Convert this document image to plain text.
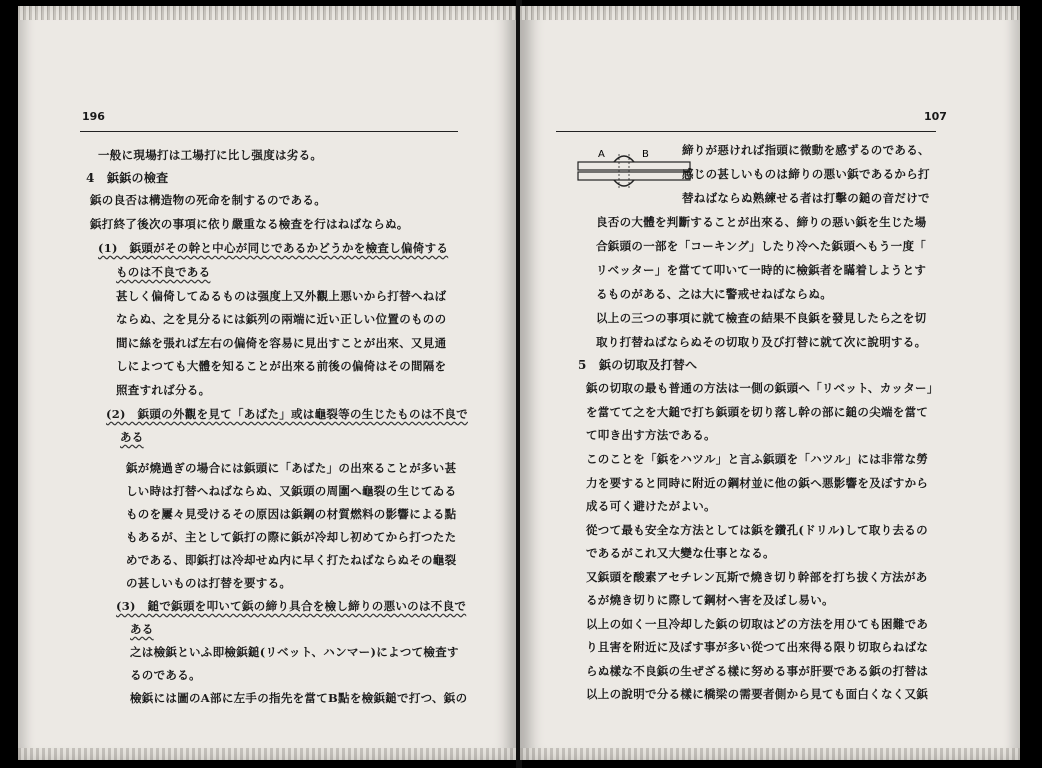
196
一般に現場打は工場打に比し强度は劣る。
4　鋲鋲の檢査
鋲の良否は構造物の死命を制するのである。
鋲打終了後次の事項に依り嚴重なる檢査を行はねばならぬ。
(1)　鋲頭がその幹と中心が同じであるかどうかを檢査し偏倚する
ものは不良である
甚しく偏倚してゐるものは强度上又外觀上悪いから打替へねば
ならぬ、之を見分るには鋲列の兩端に近い正しい位置のものの
間に絲を張れば左右の偏倚を容易に見出すことが出來、又見通
しによつても大體を知ることが出來る前後の偏倚はその間隔を
照査すれば分る。
(2)　鋲頭の外觀を見て「あばた」或は龜裂等の生じたものは不良で
ある
鋲が燒過ぎの場合には鋲頭に「あばた」の出來ることが多い甚
しい時は打替へねばならぬ、又鋲頭の周圍へ龜裂の生じてゐる
ものを屢々見受けるその原因は鋲鋼の材質燃料の影響による點
もあるが、主として鋲打の際に鋲が冷却し初めてから打つたた
めである、即鋲打は冷却せぬ内に早く打たねばならぬその龜裂
の甚しいものは打替を要する。
(3)　鎚で鋲頭を叩いて鋲の締り具合を檢し締りの悪いのは不良で
ある
之は檢鋲といふ即檢鋲鎚(リベット、ハンマー)によつて檢査す
るのである。
檢鋲には圖のA部に左手の指先を當てB點を檢鋲鎚で打つ、鋲の
107
A	B	締りが惡ければ指頭に微動を感ずるのである、
感じの甚しいものは締りの悪い鋲であるから打
替ねばならぬ熟練せる者は打擊の鎚の音だけで
良否の大體を判斷することが出來る、締りの惡い鋲を生じた場
合鋲頭の一部を「コーキング」したり冷へた鋲頭へもう一度「
リベッター」を當てて叩いて一時的に檢鋲者を瞞着しようとす
るものがある、之は大に警戒せねばならぬ。
以上の三つの事項に就て檢査の結果不良鋲を發見したら之を切
取り打替ねばならぬその切取り及び打替に就て次に說明する。
5　鋲の切取及打替へ
鋲の切取の最も普通の方法は一側の鋲頭へ「リベット、カッター」
を當てて之を大鎚で打ち鋲頭を切り落し幹の部に鎚の尖端を當て
て叩き出す方法である。
このことを「鋲をハツル」と言ふ鋲頭を「ハツル」には非常な勞
力を要すると同時に附近の鋼材並に他の鋲へ悪影響を及ぼすから
成る可く避けたがよい。
從つて最も安全な方法としては鋲を鑽孔(ドリル)して取り去るの
であるがこれ又大變な仕事となる。
又鋲頭を酸素アセチレン瓦斯で燒き切り幹部を打ち拔く方法があ
るが燒き切りに際して鋼材へ害を及ぼし易い。
以上の如く一旦冷却した鋲の切取はどの方法を用ひても困難であ
り且害を附近に及ぼす事が多い從つて出來得る限り切取らねばな
らぬ樣な不良鋲の生ぜざる樣に努める事が肝要である鋲の打替は
以上の說明で分る樣に橋梁の需要者側から見ても面白くなく又鋲
